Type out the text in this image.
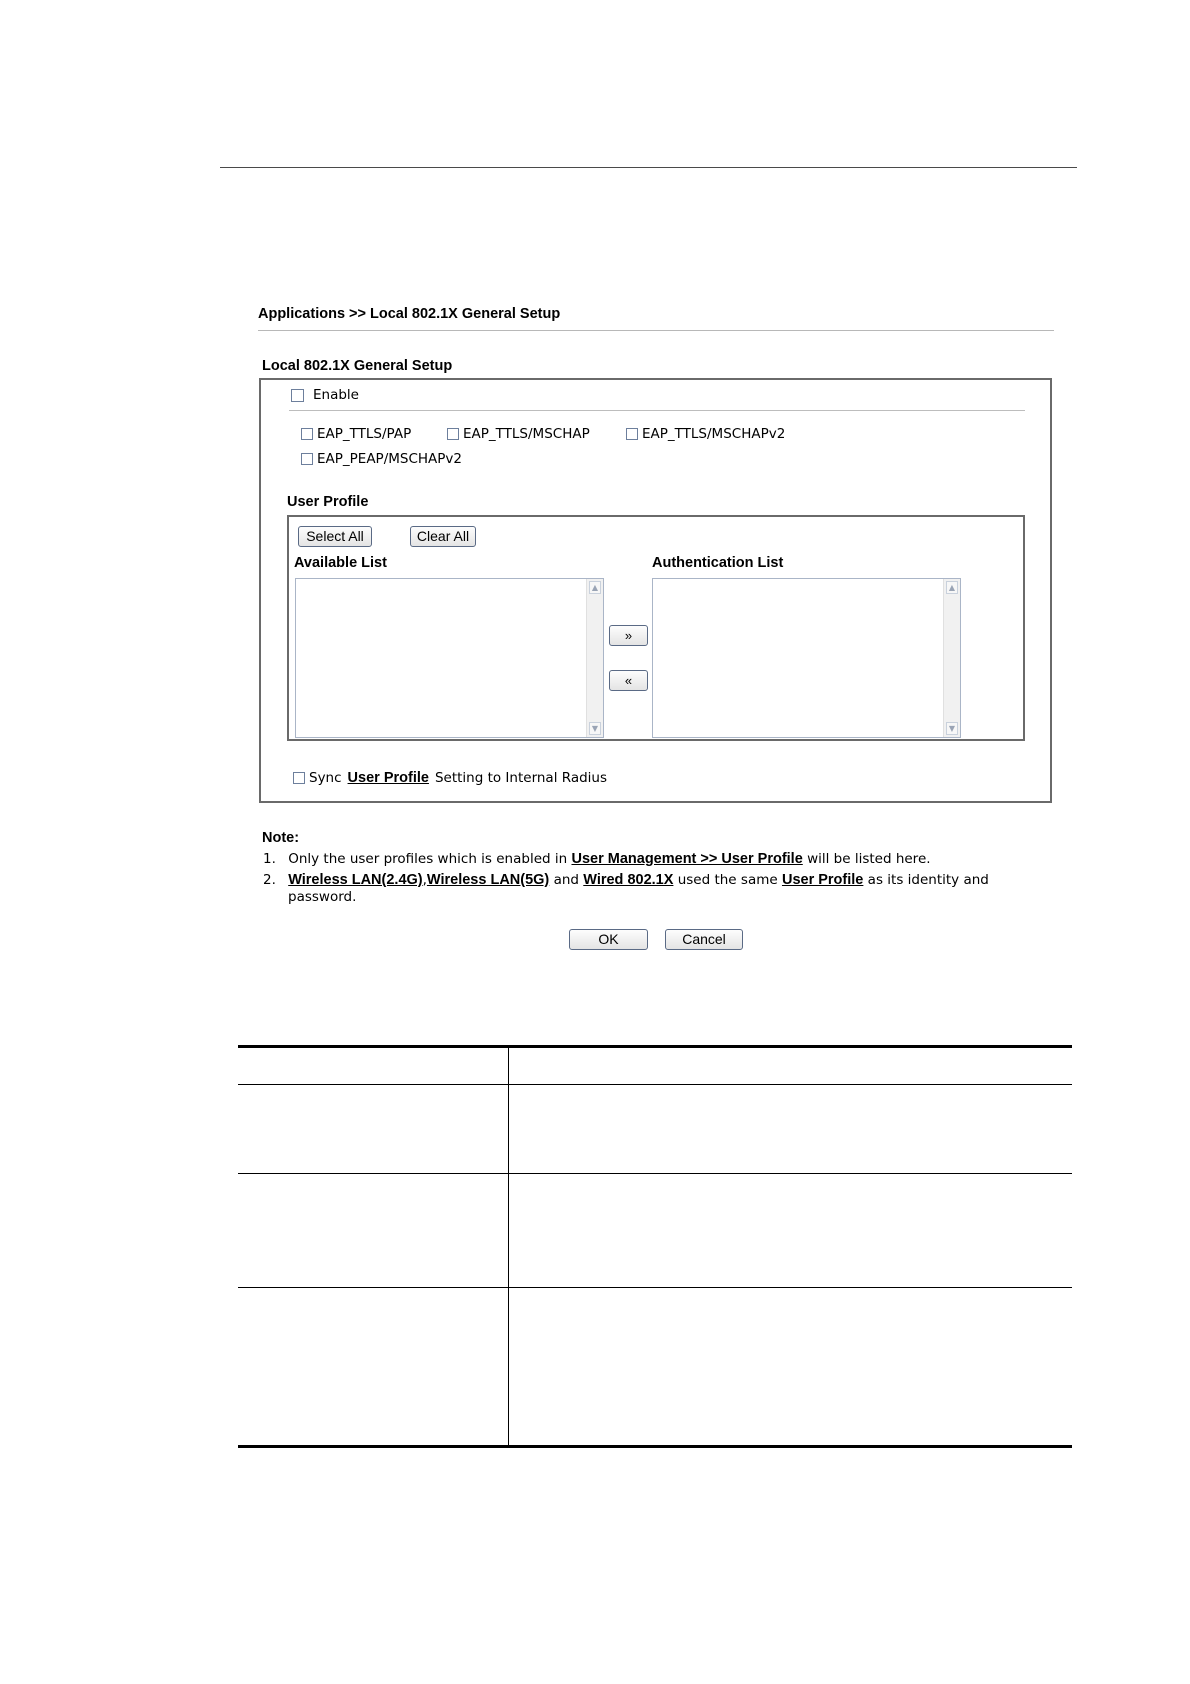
Applications >> Local 802.1X General Setup
Local 802.1X General Setup
Enable
EAP_TTLS/PAP	EAP_TTLS/MSCHAP	EAP_TTLS/MSCHAPv2
EAP_PEAP/MSCHAPv2
User Profile
Select All	Clear All
Available List	Authentication List
▲
▼
»
«
▲
▼
Sync User Profile Setting to Internal Radius
Note:
1. Only the user profiles which is enabled in User Management >> User Profile will be listed here.
2. Wireless LAN(2.4G),Wireless LAN(5G) and Wired 802.1X used the same User Profile as its identity and
password.
OK	Cancel
